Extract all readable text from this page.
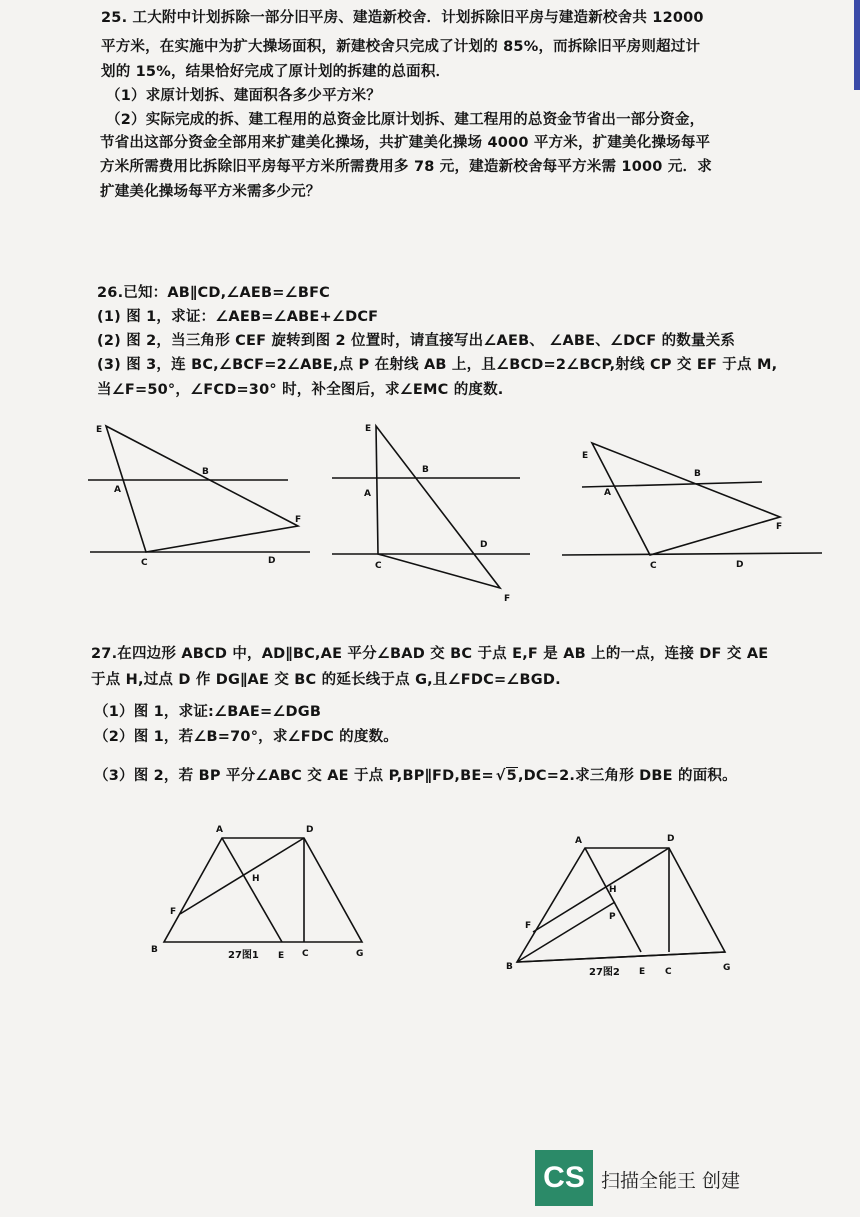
25. 工大附中计划拆除一部分旧平房、建造新校舍．计划拆除旧平房与建造新校舍共 12000
平方米，在实施中为扩大操场面积，新建校舍只完成了计划的 85%，而拆除旧平房则超过计
划的 15%，结果恰好完成了原计划的拆建的总面积．
（1）求原计划拆、建面积各多少平方米？
（2）实际完成的拆、建工程用的总资金比原计划拆、建工程用的总资金节省出一部分资金，
节省出这部分资金全部用来扩建美化操场，共扩建美化操场 4000 平方米，扩建美化操场每平
方米所需费用比拆除旧平房每平方米所需费用多 78 元，建造新校舍每平方米需 1000 元．求
扩建美化操场每平方米需多少元？
26.已知：AB∥CD,∠AEB=∠BFC
(1) 图 1，求证：∠AEB=∠ABE+∠DCF
(2) 图 2，当三角形 CEF 旋转到图 2 位置时，请直接写出∠AEB、 ∠ABE、∠DCF 的数量关系
(3) 图 3，连 BC,∠BCF=2∠ABE,点 P 在射线 AB 上，且∠BCD=2∠BCP,射线 CP 交 EF 于点 M,
当∠F=50°，∠FCD=30° 时，补全图后，求∠EMC 的度数.
E
A
B
F
C	D
E
A
B
D
C
F
E
A
B
F
C	D
27.在四边形 ABCD 中，AD∥BC,AE 平分∠BAD 交 BC 于点 E,F 是 AB 上的一点，连接 DF 交 AE
于点 H,过点 D 作 DG∥AE 交 BC 的延长线于点 G,且∠FDC=∠BGD.
（1）图 1，求证:∠BAE=∠DGB
（2）图 1，若∠B=70°，求∠FDC 的度数。
（3）图 2，若 BP 平分∠ABC 交 AE 于点 P,BP∥FD,BE= √5,DC=2.求三角形 DBE 的面积。
A	D
H
F
B	27图1 E C	G
A	D
H
P
F
B	27图2 E C	G
CS 扫描全能王 创建
